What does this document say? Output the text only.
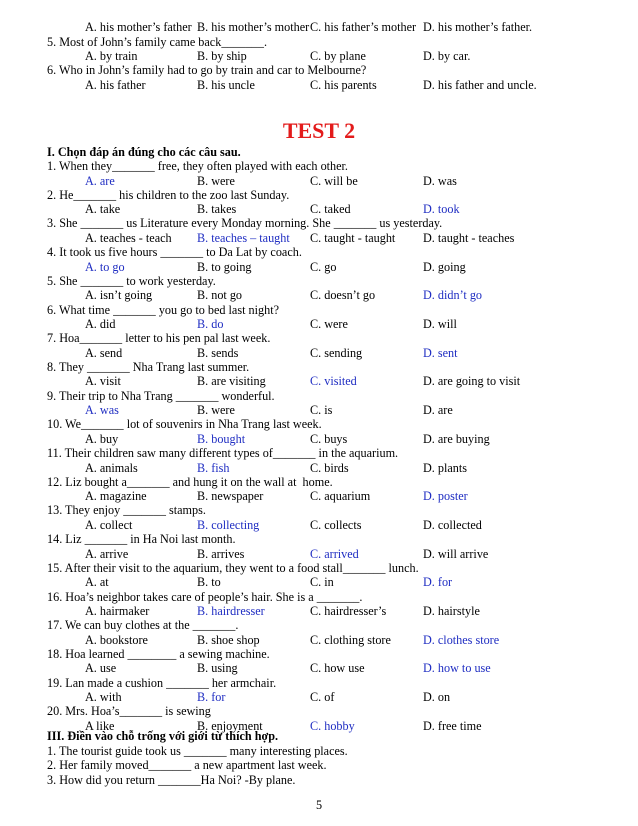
A. his mother’s father B. his mother’s mother C. his father’s mother D. his mother’s father.
5. Most of John’s family came back_______.
A. by train	B. by ship	C. by plane	D. by car.
6. Who in John’s family had to go by train and car to Melbourne?
A. his father	B. his uncle	C. his parents	D. his father and uncle.
TEST 2
I. Chọn đáp án đúng cho các câu sau.
1. When they_______ free, they often played with each other.
A. are	B. were	C. will be	D. was
2. He_______ his children to the zoo last Sunday.
A. take	B. takes	C. taked	D. took
3. She _______ us Literature every Monday morning. She _______ us yesterday.
A. teaches - teach B. teaches – taught C. taught - taught D. taught - teaches
4. It took us five hours _______ to Da Lat by coach.
A. to go	B. to going	C. go	D. going
5. She _______ to work yesterday.
A. isn’t going	B. not go	C. doesn’t go	D. didn’t go
6. What time _______ you go to bed last night?
A. did	B. do	C. were	D. will
7. Hoa_______ letter to his pen pal last week.
A. send	B. sends	C. sending	D. sent
8. They _______ Nha Trang last summer.
A. visit	B. are visiting	C. visited	D. are going to visit
9. Their trip to Nha Trang _______ wonderful.
A. was	B. were	C. is	D. are
10. We_______ lot of souvenirs in Nha Trang last week.
A. buy	B. bought	C. buys	D. are buying
11. Their children saw many different types of_______ in the aquarium.
A. animals	B. fish	C. birds	D. plants
12. Liz bought a_______ and hung it on the wall at  home.
A. magazine	B. newspaper	C. aquarium	D. poster
13. They enjoy _______ stamps.
A. collect	B. collecting	C. collects	D. collected
14. Liz _______ in Ha Noi last month.
A. arrive	B. arrives	C. arrived	D. will arrive
15. After their visit to the aquarium, they went to a food stall_______ lunch.
A. at	B. to	C. in	D. for
16. Hoa’s neighbor takes care of people’s hair. She is a _______.
A. hairmaker	B. hairdresser	C. hairdresser’s	D. hairstyle
17. We can buy clothes at the _______.
A. bookstore	B. shoe shop	C. clothing store	D. clothes store
18. Hoa learned ________ a sewing machine.
A. use	B. using	C. how use	D. how to use
19. Lan made a cushion _______ her armchair.
A. with	B. for	C. of	D. on
20. Mrs. Hoa’s_______ is sewing
A like	B. enjoyment	C. hobby	D. free time
III. Điền vào chỗ trống với giới từ thích hợp.
1. The tourist guide took us _______ many interesting places.
2. Her family moved_______ a new apartment last week.
3. How did you return _______Ha Noi? -By plane.
5
